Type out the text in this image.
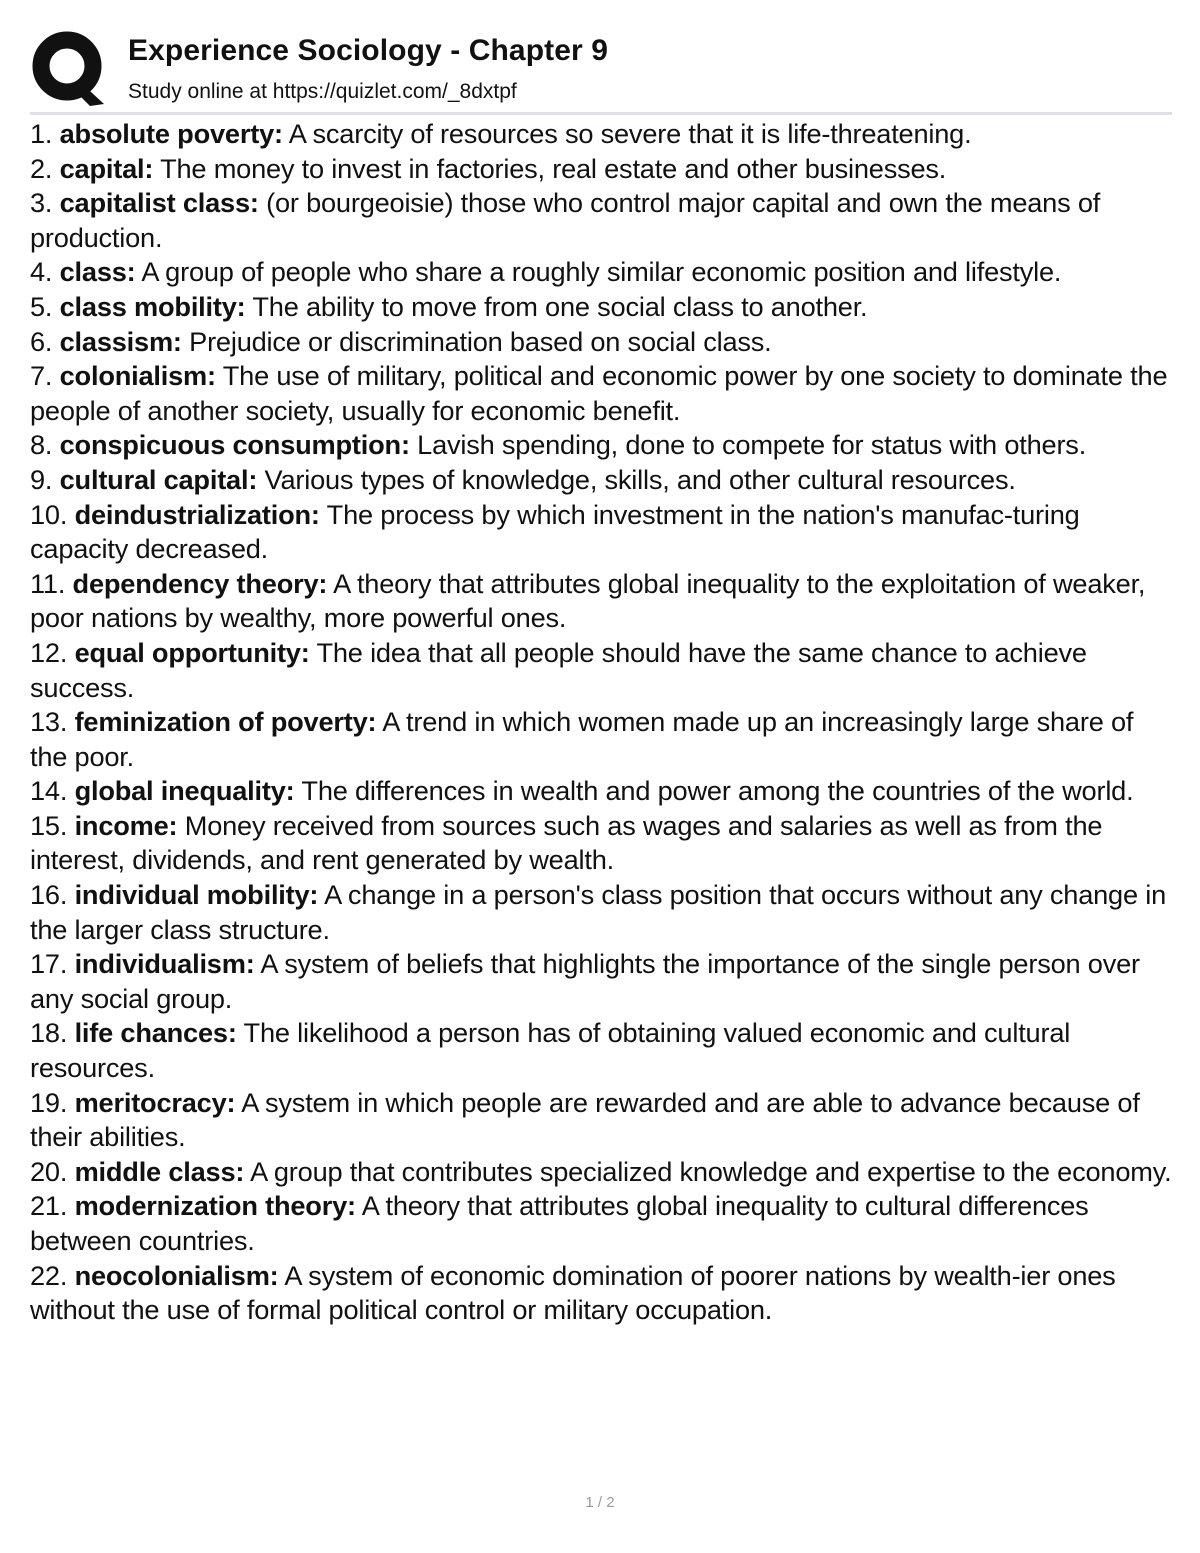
Experience Sociology - Chapter 9
Study online at https://quizlet.com/_8dxtpf
1. absolute poverty: A scarcity of resources so severe that it is life-threatening.
2. capital: The money to invest in factories, real estate and other businesses.
3. capitalist class: (or bourgeoisie) those who control major capital and own the means of production.
4. class: A group of people who share a roughly similar economic position and lifestyle.
5. class mobility: The ability to move from one social class to another.
6. classism: Prejudice or discrimination based on social class.
7. colonialism: The use of military, political and economic power by one society to dominate the people of another society, usually for economic benefit.
8. conspicuous consumption: Lavish spending, done to compete for status with others.
9. cultural capital: Various types of knowledge, skills, and other cultural resources.
10. deindustrialization: The process by which investment in the nation's manufac-turing capacity decreased.
11. dependency theory: A theory that attributes global inequality to the exploitation of weaker, poor nations by wealthy, more powerful ones.
12. equal opportunity: The idea that all people should have the same chance to achieve success.
13. feminization of poverty: A trend in which women made up an increasingly large share of the poor.
14. global inequality: The differences in wealth and power among the countries of the world.
15. income: Money received from sources such as wages and salaries as well as from the interest, dividends, and rent generated by wealth.
16. individual mobility: A change in a person's class position that occurs without any change in the larger class structure.
17. individualism: A system of beliefs that highlights the importance of the single person over any social group.
18. life chances: The likelihood a person has of obtaining valued economic and cultural resources.
19. meritocracy: A system in which people are rewarded and are able to advance because of their abilities.
20. middle class: A group that contributes specialized knowledge and expertise to the economy.
21. modernization theory: A theory that attributes global inequality to cultural differences between countries.
22. neocolonialism: A system of economic domination of poorer nations by wealth-ier ones without the use of formal political control or military occupation.
1 / 2
